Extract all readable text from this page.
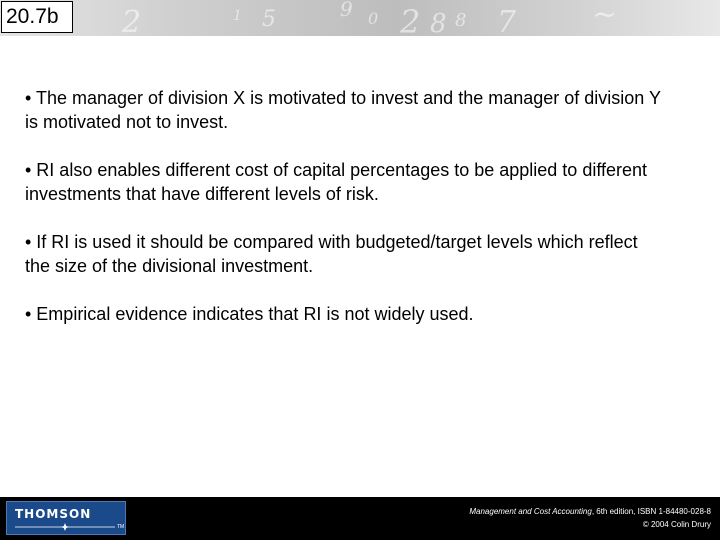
2	5	9 0 2 8 7	~
1	8
20.7b
• The manager of division X is motivated to invest and the manager of division Y is motivated not to invest.
• RI also enables different cost of capital percentages to be applied to different investments that have different levels of risk.
• If RI is used it should be compared with budgeted/target levels which reflect the size of the divisional investment.
• Empirical evidence indicates that RI is not widely used.
THOMSON
TM
Management and Cost Accounting, 6th edition, ISBN 1-84480-028-8
© 2004 Colin Drury
